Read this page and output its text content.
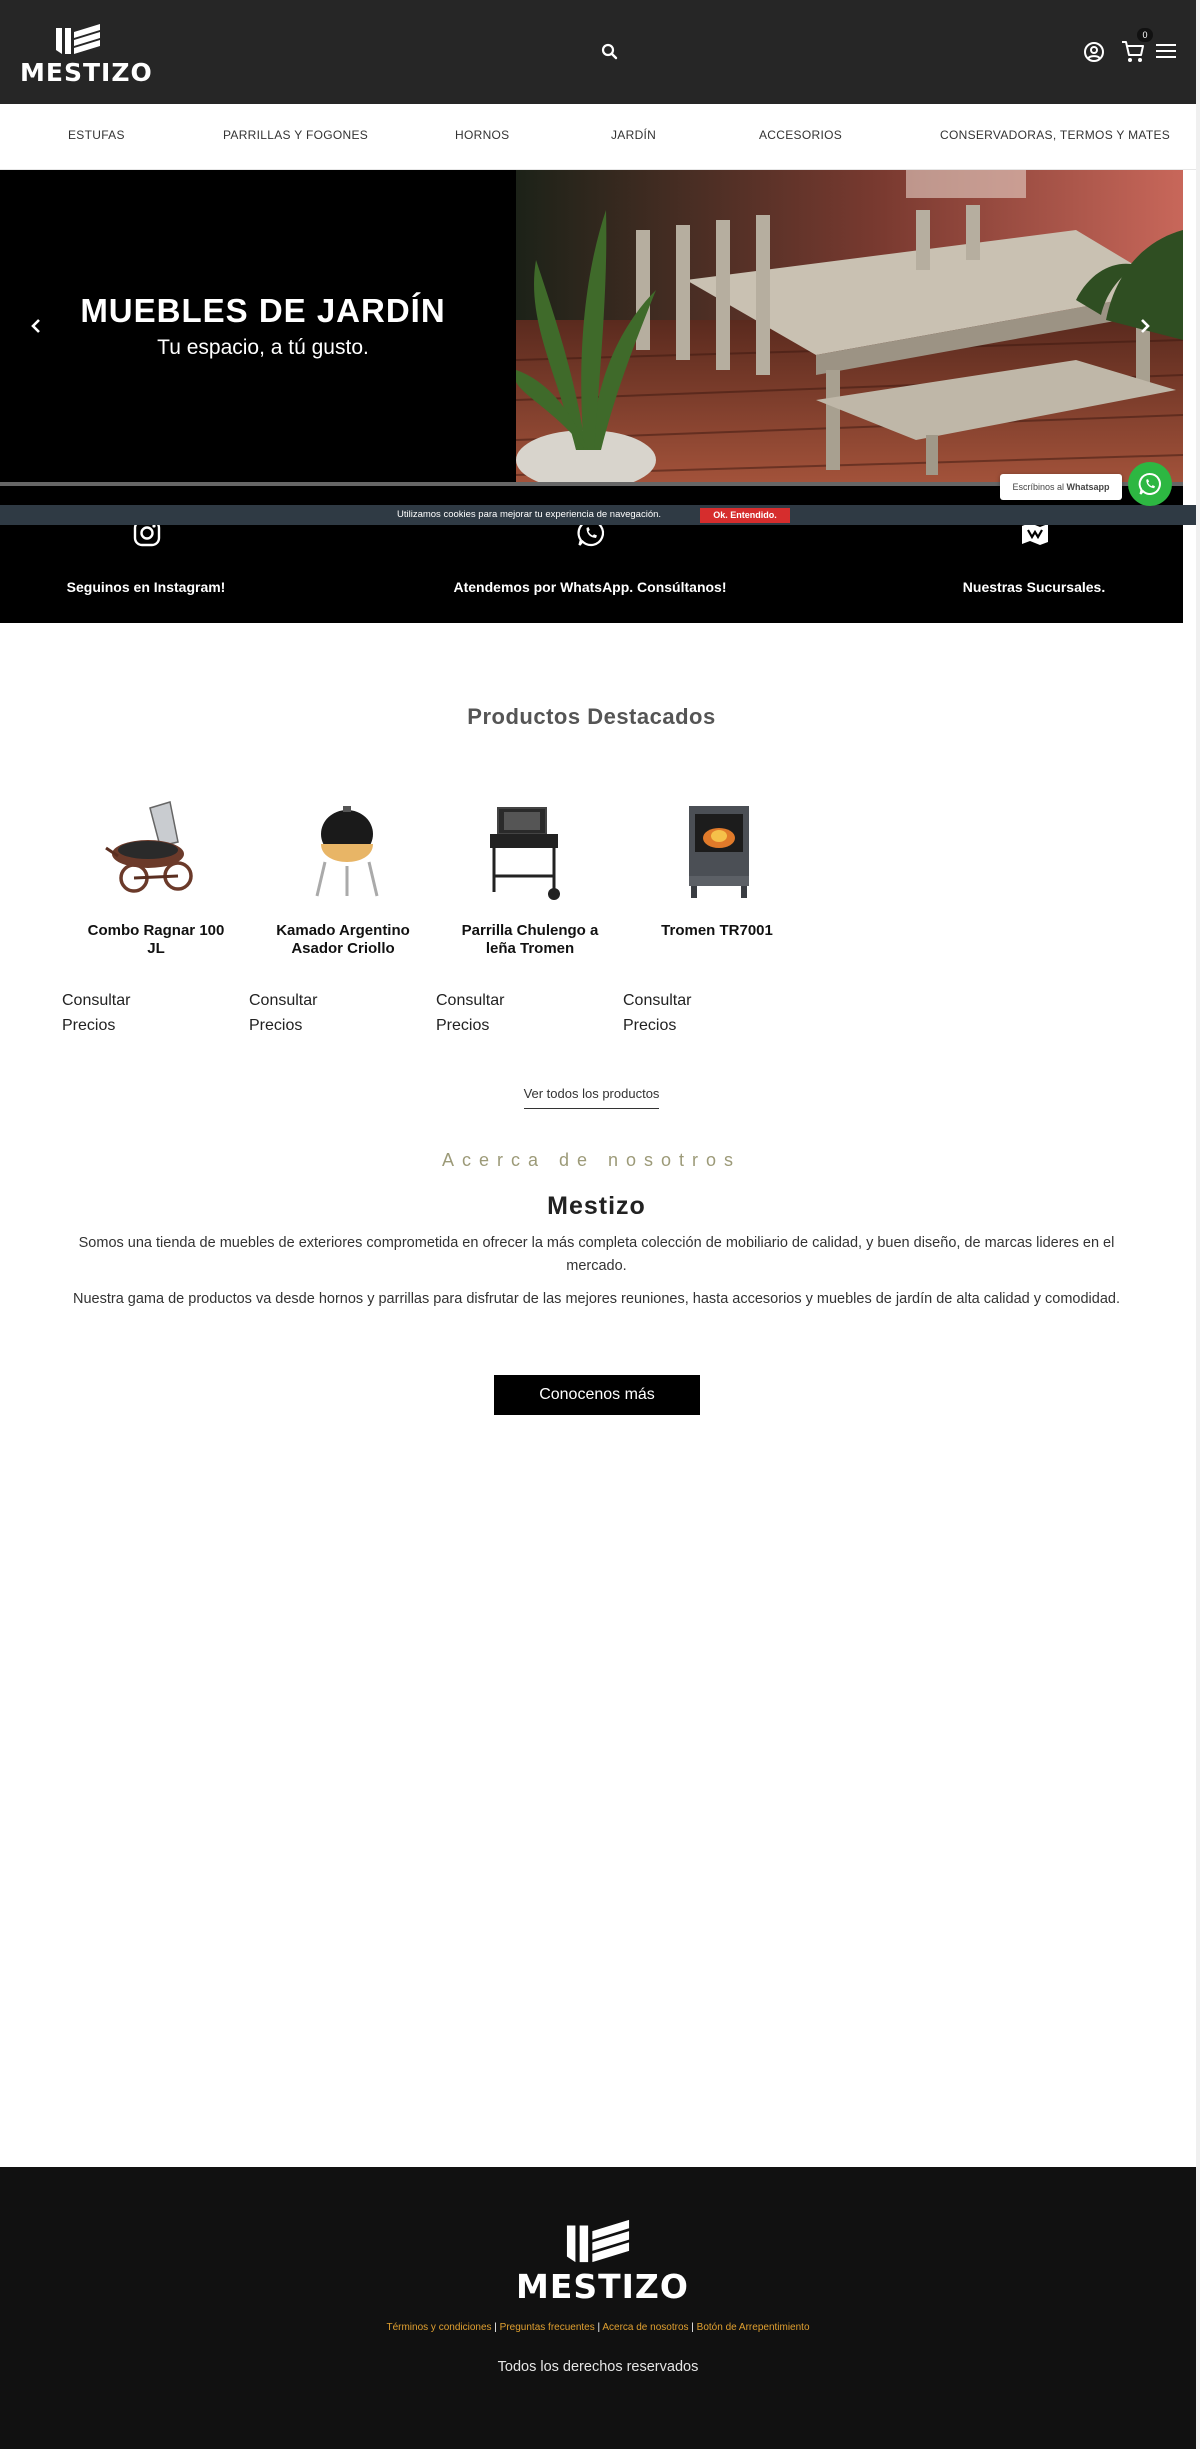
MESTIZO
0
ESTUFAS	PARRILLAS Y FOGONES	HORNOS	JARDÍN	ACCESORIOS	CONSERVADORAS, TERMOS Y MATES
MUEBLES DE JARDÍN
Tu espacio, a tú gusto.
Seguinos en Instagram!	Atendemos por WhatsApp. Consúltanos!	Nuestras Sucursales.
Utilizamos cookies para mejorar tu experiencia de navegación.	Ok. Entendido.
Escríbinos al Whatsapp
Productos Destacados
Combo Ragnar 100 JL
Consultar
Precios
Kamado Argentino Asador Criollo
Consultar
Precios
Parrilla Chulengo a leña Tromen
Consultar
Precios
Tromen TR7001
Consultar
Precios
Ver todos los productos
Acerca de nosotros
Mestizo

Somos una tienda de muebles de exteriores comprometida en ofrecer la más completa colección de mobiliario de calidad, y buen diseño, de marcas lideres en el mercado.

Nuestra gama de productos va desde hornos y parrillas para disfrutar de las mejores reuniones, hasta accesorios y muebles de jardín de alta calidad y comodidad.

Conocenos más
MESTIZO
Términos y condiciones | Preguntas frecuentes | Acerca de nosotros | Botón de Arrepentimiento
Todos los derechos reservados
